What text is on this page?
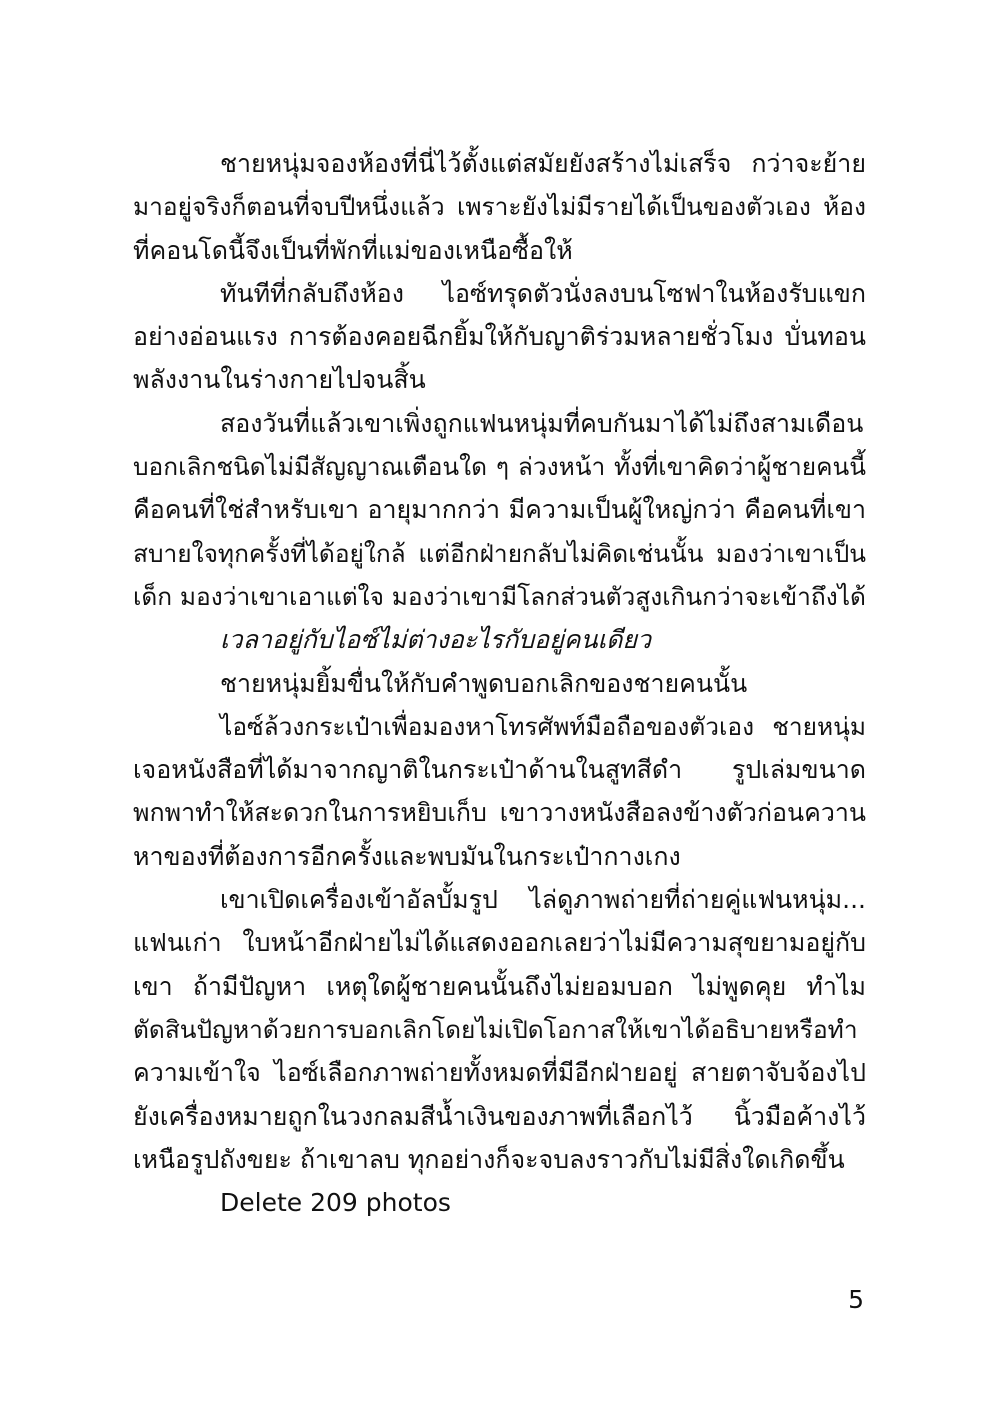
ชายหนุ่มจองห้องที่นี่ไว้ตั้งแต่สมัยยังสร้างไม่เสร็จ กว่าจะย้าย
มาอยู่จริงก็ตอนที่จบปีหนึ่งแล้ว เพราะยังไม่มีรายได้เป็นของตัวเอง ห้อง
ที่คอนโดนี้จึงเป็นที่พักที่แม่ของเหนือซื้อให้
ทันทีที่กลับถึงห้อง ไอซ์ทรุดตัวนั่งลงบนโซฟาในห้องรับแขก
อย่างอ่อนแรง การต้องคอยฉีกยิ้มให้กับญาติร่วมหลายชั่วโมง บั่นทอน
พลังงานในร่างกายไปจนสิ้น
สองวันที่แล้วเขาเพิ่งถูกแฟนหนุ่มที่คบกันมาได้ไม่ถึงสามเดือน
บอกเลิกชนิดไม่มีสัญญาณเตือนใด ๆ ล่วงหน้า ทั้งที่เขาคิดว่าผู้ชายคนนี้
คือคนที่ใช่สำหรับเขา อายุมากกว่า มีความเป็นผู้ใหญ่กว่า คือคนที่เขา
สบายใจทุกครั้งที่ได้อยู่ใกล้ แต่อีกฝ่ายกลับไม่คิดเช่นนั้น มองว่าเขาเป็น
เด็ก มองว่าเขาเอาแต่ใจ มองว่าเขามีโลกส่วนตัวสูงเกินกว่าจะเข้าถึงได้
เวลาอยู่กับไอซ์ไม่ต่างอะไรกับอยู่คนเดียว
ชายหนุ่มยิ้มขื่นให้กับคำพูดบอกเลิกของชายคนนั้น
ไอซ์ล้วงกระเป๋าเพื่อมองหาโทรศัพท์มือถือของตัวเอง ชายหนุ่ม
เจอหนังสือที่ได้มาจากญาติในกระเป๋าด้านในสูทสีดำ รูปเล่มขนาด
พกพาทำให้สะดวกในการหยิบเก็บ เขาวางหนังสือลงข้างตัวก่อนควาน
หาของที่ต้องการอีกครั้งและพบมันในกระเป๋ากางเกง
เขาเปิดเครื่องเข้าอัลบั้มรูป ไล่ดูภาพถ่ายที่ถ่ายคู่แฟนหนุ่ม...
แฟนเก่า ใบหน้าอีกฝ่ายไม่ได้แสดงออกเลยว่าไม่มีความสุขยามอยู่กับ
เขา ถ้ามีปัญหา เหตุใดผู้ชายคนนั้นถึงไม่ยอมบอก ไม่พูดคุย ทำไม
ตัดสินปัญหาด้วยการบอกเลิกโดยไม่เปิดโอกาสให้เขาได้อธิบายหรือทำ
ความเข้าใจ ไอซ์เลือกภาพถ่ายทั้งหมดที่มีอีกฝ่ายอยู่ สายตาจับจ้องไป
ยังเครื่องหมายถูกในวงกลมสีน้ำเงินของภาพที่เลือกไว้ นิ้วมือค้างไว้
เหนือรูปถังขยะ ถ้าเขาลบ ทุกอย่างก็จะจบลงราวกับไม่มีสิ่งใดเกิดขึ้น
Delete 209 photos
5
